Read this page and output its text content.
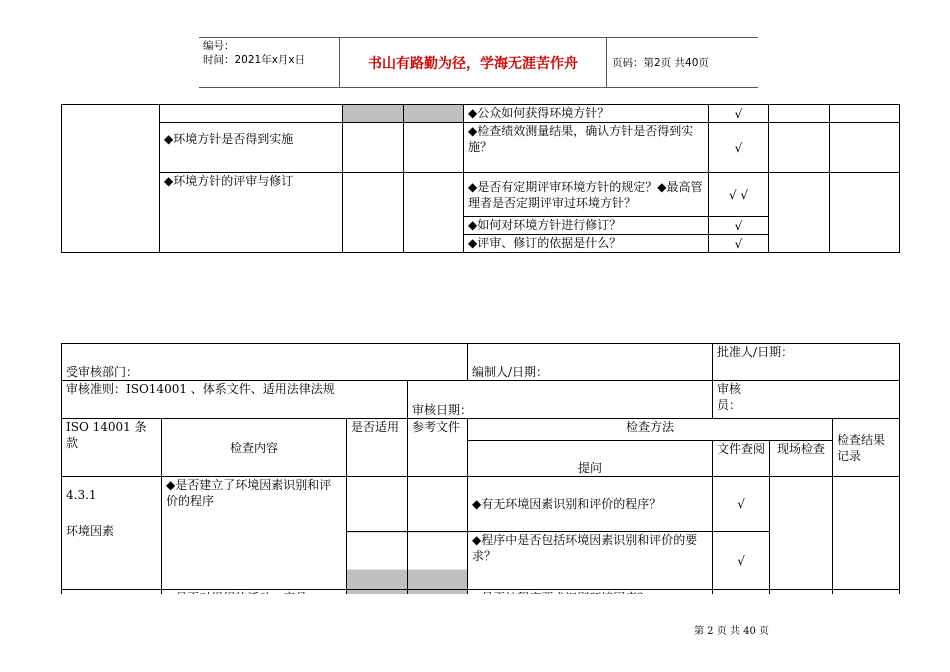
编号：
时间：2021年x月x日	书山有路勤为径，学海无涯苦作舟	页码：第2页 共40页
				◆公众如何获得环境方针？	√		
	◆环境方针是否得到实施			◆检查绩效测量结果，确认方针是否得到实施？	√		
	◆环境方针的评审与修订			◆是否有定期评审环境方针的规定？◆最高管理者是否定期评审过环境方针？	√ √		
				◆如何对环境方针进行修订？	√		
				◆评审、修订的依据是什么？	√		
受审核部门：				编制人/日期：	批准人/日期：		

审核准则：ISO14001 、体系文件、适用法律法规			审核日期：		审核员：		

ISO 14001 条款	检查内容	是否适用	参考文件	检查方法			检查结果记录
				提问	文件查阅	现场检查	

4.3.1
环境因素	◆是否建立了环境因素识别和评价的程序			◆有无环境因素识别和评价的程序？	√		
				◆程序中是否包括环境因素识别和评价的要求？	√		

第 2 页 共 40 页
